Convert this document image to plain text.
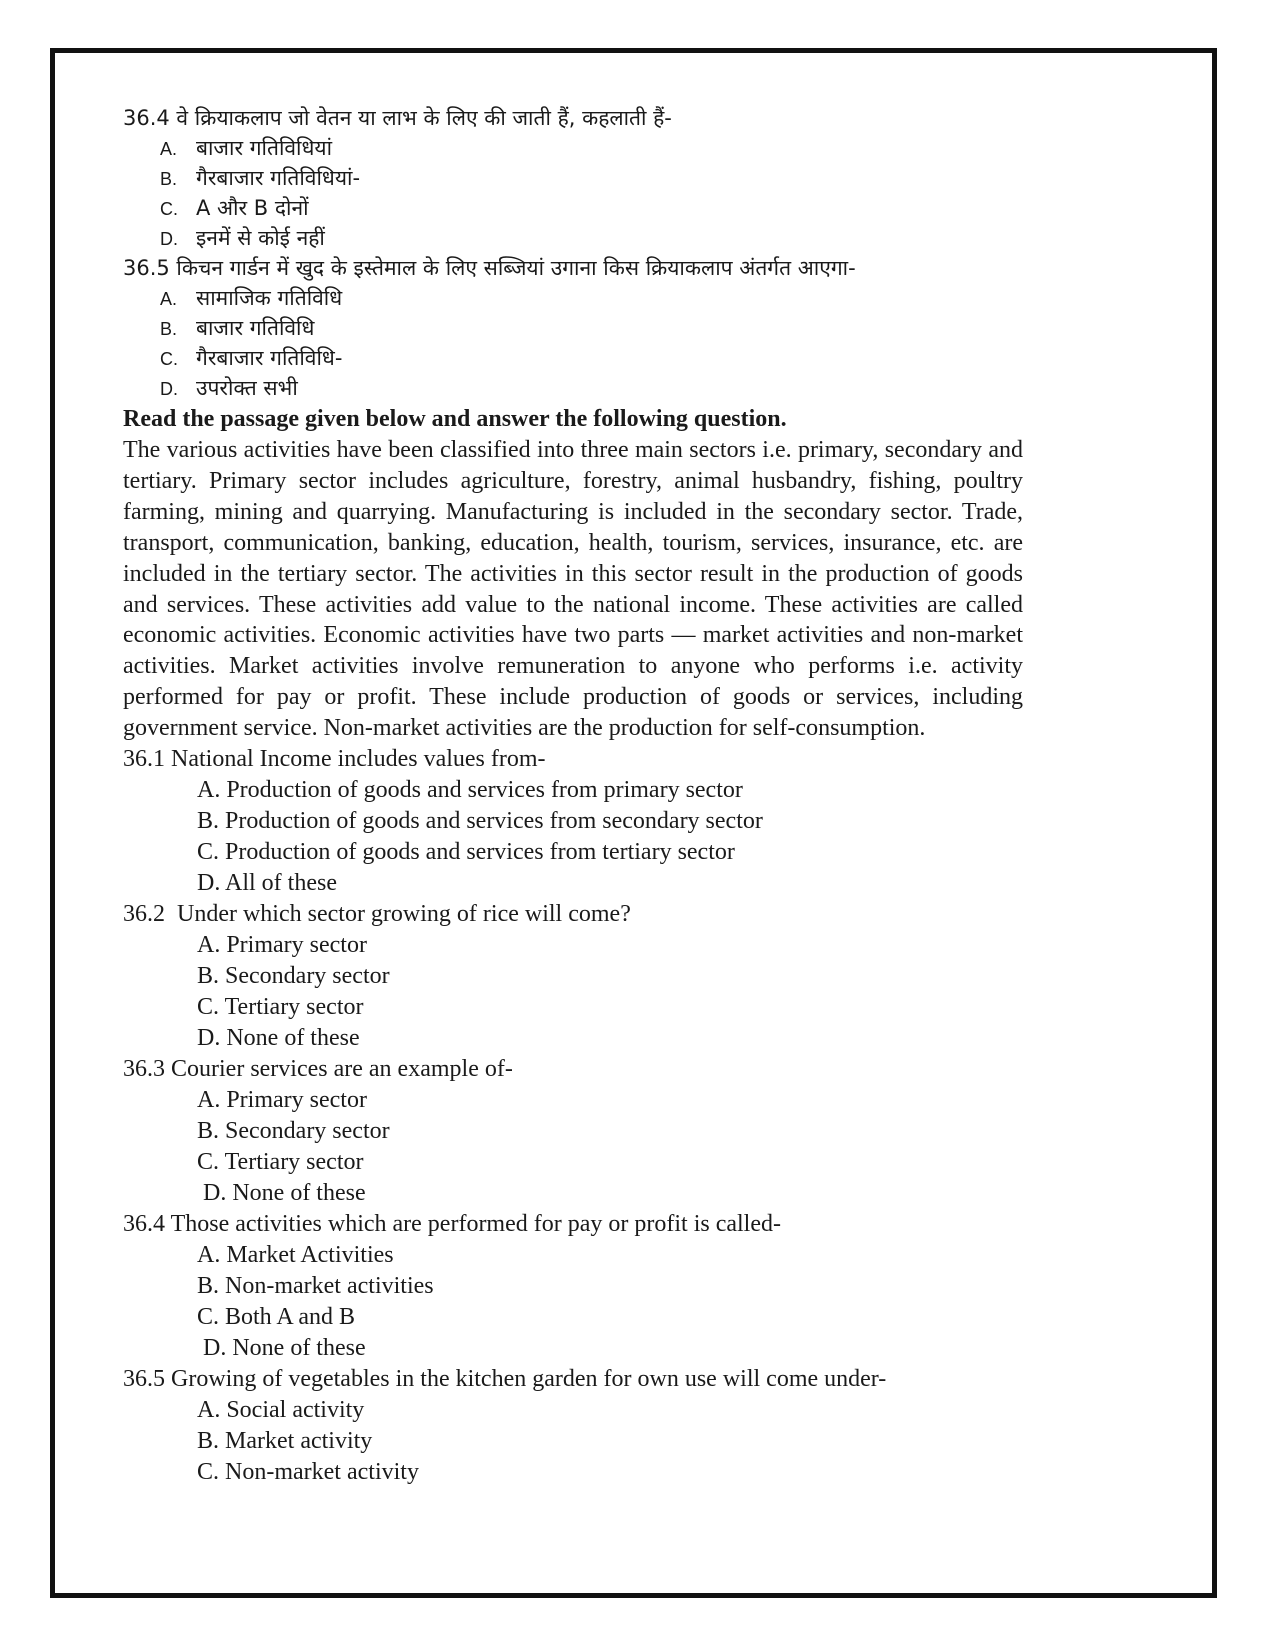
36.4 वे क्रियाकलाप जो वेतन या लाभ के लिए की जाती हैं, कहलाती हैं-
A. बाजार गतिविधियां
B. गैरबाजार गतिविधियां-
C. A और B दोनों
D. इनमें से कोई नहीं
36.5 किचन गार्डन में खुद के इस्तेमाल के लिए सब्जियां उगाना किस क्रियाकलाप अंतर्गत आएगा-
A. सामाजिक गतिविधि
B. बाजार गतिविधि
C. गैरबाजार गतिविधि-
D. उपरोक्त सभी
Read the passage given below and answer the following question.
The various activities have been classified into three main sectors i.e. primary, secondary and tertiary. Primary sector includes agriculture, forestry, animal husbandry, fishing, poultry farming, mining and quarrying. Manufacturing is included in the secondary sector. Trade, transport, communication, banking, education, health, tourism, services, insurance, etc. are included in the tertiary sector. The activities in this sector result in the production of goods and services. These activities add value to the national income. These activities are called economic activities. Economic activities have two parts — market activities and non-market activities. Market activities involve remuneration to anyone who performs i.e. activity performed for pay or profit. These include production of goods or services, including government service. Non-market activities are the production for self-consumption.
36.1 National Income includes values from-
A. Production of goods and services from primary sector
B. Production of goods and services from secondary sector
C. Production of goods and services from tertiary sector
D. All of these
36.2  Under which sector growing of rice will come?
A. Primary sector
B. Secondary sector
C. Tertiary sector
D. None of these
36.3 Courier services are an example of-
A. Primary sector
B. Secondary sector
C. Tertiary sector
D. None of these
36.4 Those activities which are performed for pay or profit is called-
A. Market Activities
B. Non-market activities
C. Both A and B
D. None of these
36.5 Growing of vegetables in the kitchen garden for own use will come under-
A. Social activity
B. Market activity
C. Non-market activity
